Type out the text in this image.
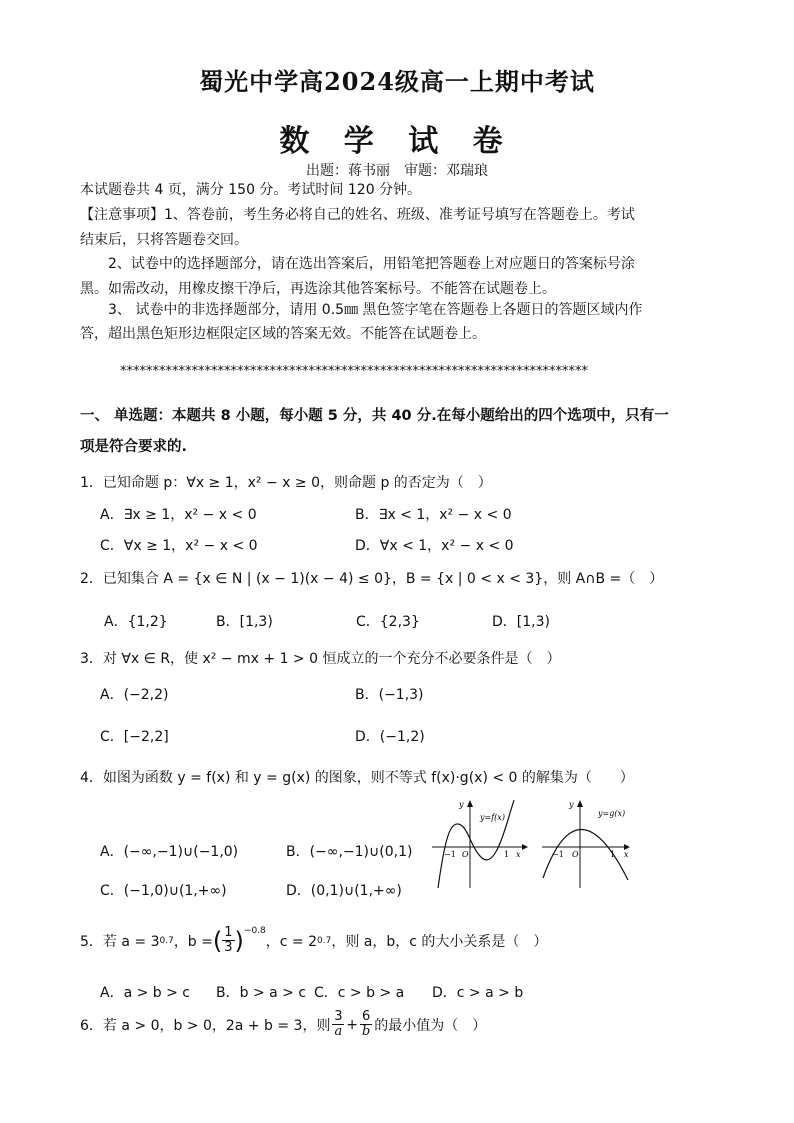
蜀光中学高2024级高一上期中考试
数 学 试 卷
出题：蒋书丽　审题：邓瑞琅
本试题卷共 4 页，满分 150 分。考试时间 120 分钟。
【注意事项】1、答卷前，考生务必将自己的姓名、班级、准考证号填写在答题卷上。考试
结束后，只将答题卷交回。
2、试卷中的选择题部分，请在选出答案后，用铅笔把答题卷上对应题日的答案标号涂
黑。如需改动，用橡皮擦干净后，再选涂其他答案标号。不能答在试题卷上。
3、 试卷中的非选择题部分，请用 0.5㎜ 黑色签字笔在答题卷上各题日的答题区域内作
答，超出黑色矩形边框限定区域的答案无效。不能答在试题卷上。
************************************************************************
一、 单选题：本题共 8 小题，每小题 5 分，共 40 分.在每小题给出的四个选项中，只有一
项是符合要求的.
1．已知命题 p：∀x ≥ 1，x² − x ≥ 0，则命题 p 的否定为（　）
A．∃x ≥ 1，x² − x < 0	B．∃x < 1，x² − x < 0
C．∀x ≥ 1，x² − x < 0	D．∀x < 1，x² − x < 0
2．已知集合 A = {x ∈ N | (x − 1)(x − 4) ≤ 0}，B = {x | 0 < x < 3}，则 A∩B =（　）
A．{1,2}	B．[1,3)	C．{2,3}	D．[1,3)
3．对 ∀x ∈ R，使 x² − mx + 1 > 0 恒成立的一个充分不必要条件是（　）
A．(−2,2)	B．(−1,3)
C．[−2,2]	D．(−1,2)
4．如图为函数 y = f(x) 和 y = g(x) 的图象，则不等式 f(x)·g(x) < 0 的解集为（　　）
A．(−∞,−1)∪(−1,0)	B．(−∞,−1)∪(0,1)
C．(−1,0)∪(1,+∞)	D．(0,1)∪(1,+∞)
y=f(x)
y
x
O
−1	1
y=g(x)
y
x
O
−1	1
5．若 a = 3 0.7 ，b = ( $\frac{1}{3} )^{-0.8}$
，c = 2 0.7 ，则 a，b，c 的大小关系是（　）
A．a > b > c B．b > a > c C．c > b > a D．c > a > b
6．若 a > 0，b > 0，2a + b = 3，则 $\frac{3}{a} + \frac{6}{b}$ 的最小值为（　）
